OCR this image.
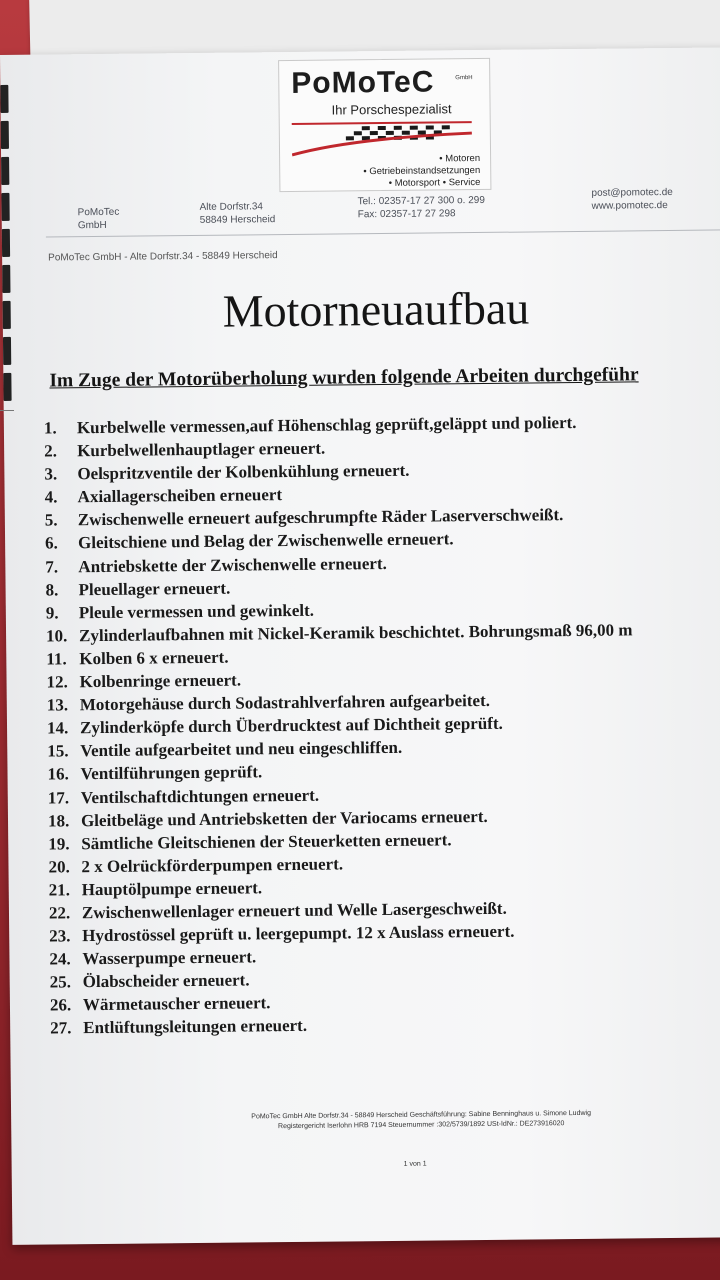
PoMoTeC	GmbH
Ihr Porschespezialist
• Motoren
• Getriebeinstandsetzungen
• Motorsport • Service
PoMoTec
GmbH
Alte Dorfstr.34
58849 Herscheid
Tel.: 02357-17 27 300 o. 299
Fax: 02357-17 27 298
post@pomotec.de
www.pomotec.de
PoMoTec GmbH - Alte Dorfstr.34 - 58849 Herscheid
Motorneuaufbau
Im Zuge der Motorüberholung wurden folgende Arbeiten durchgeführ
1. Kurbelwelle vermessen,auf Höhenschlag geprüft,geläppt und poliert.
2. Kurbelwellenhauptlager erneuert.
3. Oelspritzventile der Kolbenkühlung erneuert.
4. Axiallagerscheiben erneuert
5. Zwischenwelle erneuert aufgeschrumpfte Räder Laserverschweißt.
6. Gleitschiene und Belag der Zwischenwelle erneuert.
7. Antriebskette der Zwischenwelle erneuert.
8. Pleuellager erneuert.
9. Pleule vermessen und gewinkelt.
10. Zylinderlaufbahnen mit Nickel-Keramik beschichtet. Bohrungsmaß 96,00 m
11. Kolben 6 x erneuert.
12. Kolbenringe erneuert.
13. Motorgehäuse durch Sodastrahlverfahren aufgearbeitet.
14. Zylinderköpfe durch Überdrucktest auf Dichtheit geprüft.
15. Ventile aufgearbeitet und neu eingeschliffen.
16. Ventilführungen geprüft.
17. Ventilschaftdichtungen erneuert.
18. Gleitbeläge und Antriebsketten der Variocams erneuert.
19. Sämtliche Gleitschienen der Steuerketten erneuert.
20. 2 x Oelrückförderpumpen erneuert.
21. Hauptölpumpe erneuert.
22. Zwischenwellenlager erneuert und Welle Lasergeschweißt.
23. Hydrostössel geprüft u. leergepumpt. 12 x Auslass erneuert.
24. Wasserpumpe erneuert.
25. Ölabscheider erneuert.
26. Wärmetauscher erneuert.
27. Entlüftungsleitungen erneuert.
PoMoTec GmbH Alte Dorfstr.34 - 58849 Herscheid Geschäftsführung: Sabine Benninghaus u. Simone Ludwig
Registergericht Iserlohn HRB 7194 Steuernummer :302/5739/1892 USt-IdNr.: DE273916020
1 von 1
